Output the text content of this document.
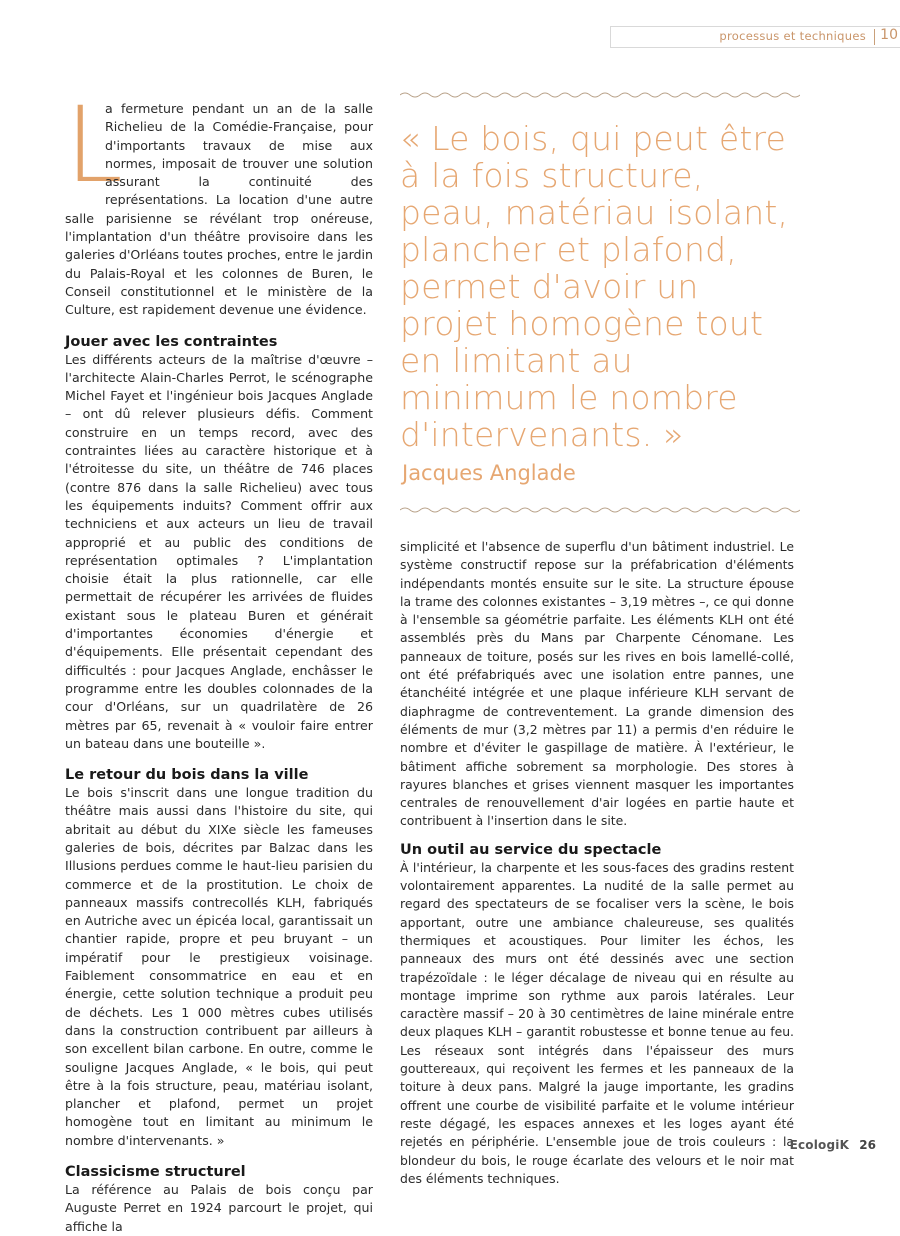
processus et techniques 10
L

a fermeture pendant un an de la salle Richelieu de la Comédie-Française, pour d'importants travaux de mise aux normes, imposait de trouver une solution assurant la continuité des représentations. La location d'une autre salle parisienne se révélant trop onéreuse, l'implantation d'un théâtre provisoire dans les galeries d'Orléans toutes proches, entre le jardin du Palais-Royal et les colonnes de Buren, le Conseil constitutionnel et le ministère de la Culture, est rapidement devenue une évidence.

Jouer avec les contraintes

Les différents acteurs de la maîtrise d'œuvre – l'architecte Alain-Charles Perrot, le scénographe Michel Fayet et l'ingénieur bois Jacques Anglade – ont dû relever plusieurs défis. Comment construire en un temps record, avec des contraintes liées au caractère historique et à l'étroitesse du site, un théâtre de 746 places (contre 876 dans la salle Richelieu) avec tous les équipements induits? Comment offrir aux techniciens et aux acteurs un lieu de travail approprié et au public des conditions de représentation optimales ? L'implantation choisie était la plus rationnelle, car elle permettait de récupérer les arrivées de fluides existant sous le plateau Buren et générait d'importantes économies d'énergie et d'équipements. Elle présentait cependant des difficultés : pour Jacques Anglade, enchâsser le programme entre les doubles colonnades de la cour d'Orléans, sur un quadrilatère de 26 mètres par 65, revenait à « vouloir faire entrer un bateau dans une bouteille ».

Le retour du bois dans la ville

Le bois s'inscrit dans une longue tradition du théâtre mais aussi dans l'histoire du site, qui abritait au début du XIXe siècle les fameuses galeries de bois, décrites par Balzac dans les Illusions perdues comme le haut-lieu parisien du commerce et de la prostitution. Le choix de panneaux massifs contrecollés KLH, fabriqués en Autriche avec un épicéa local, garantissait un chantier rapide, propre et peu bruyant – un impératif pour le prestigieux voisinage. Faiblement consommatrice en eau et en énergie, cette solution technique a produit peu de déchets. Les 1 000 mètres cubes utilisés dans la construction contribuent par ailleurs à son excellent bilan carbone. En outre, comme le souligne Jacques Anglade, « le bois, qui peut être à la fois structure, peau, matériau isolant, plancher et plafond, permet un projet homogène tout en limitant au minimum le nombre d'intervenants. »

Classicisme structurel

La référence au Palais de bois conçu par Auguste Perret en 1924 parcourt le projet, qui affiche la

« Le bois, qui peut être à la fois structure, peau, matériau isolant, plancher et plafond, permet d'avoir un projet homogène tout en limitant au minimum le nombre d'intervenants. »
Jacques Anglade

simplicité et l'absence de superflu d'un bâtiment industriel. Le système constructif repose sur la préfabrication d'éléments indépendants montés ensuite sur le site. La structure épouse la trame des colonnes existantes – 3,19 mètres –, ce qui donne à l'ensemble sa géométrie parfaite. Les éléments KLH ont été assemblés près du Mans par Charpente Cénomane. Les panneaux de toiture, posés sur les rives en bois lamellé-collé, ont été préfabriqués avec une isolation entre pannes, une étanchéité intégrée et une plaque inférieure KLH servant de diaphragme de contreventement. La grande dimension des éléments de mur (3,2 mètres par 11) a permis d'en réduire le nombre et d'éviter le gaspillage de matière. À l'extérieur, le bâtiment affiche sobrement sa morphologie. Des stores à rayures blanches et grises viennent masquer les importantes centrales de renouvellement d'air logées en partie haute et contribuent à l'insertion dans le site.

Un outil au service du spectacle

À l'intérieur, la charpente et les sous-faces des gradins restent volontairement apparentes. La nudité de la salle permet au regard des spectateurs de se focaliser vers la scène, le bois apportant, outre une ambiance chaleureuse, ses qualités thermiques et acoustiques. Pour limiter les échos, les panneaux des murs ont été dessinés avec une section trapézoïdale : le léger décalage de niveau qui en résulte au montage imprime son rythme aux parois latérales. Leur caractère massif – 20 à 30 centimètres de laine minérale entre deux plaques KLH – garantit robustesse et bonne tenue au feu. Les réseaux sont intégrés dans l'épaisseur des murs gouttereaux, qui reçoivent les fermes et les panneaux de la toiture à deux pans. Malgré la jauge importante, les gradins offrent une courbe de visibilité parfaite et le volume intérieur reste dégagé, les espaces annexes et les loges ayant été rejetés en périphérie. L'ensemble joue de trois couleurs : la blondeur du bois, le rouge écarlate des velours et le noir mat des éléments techniques.

EcologiK 26
